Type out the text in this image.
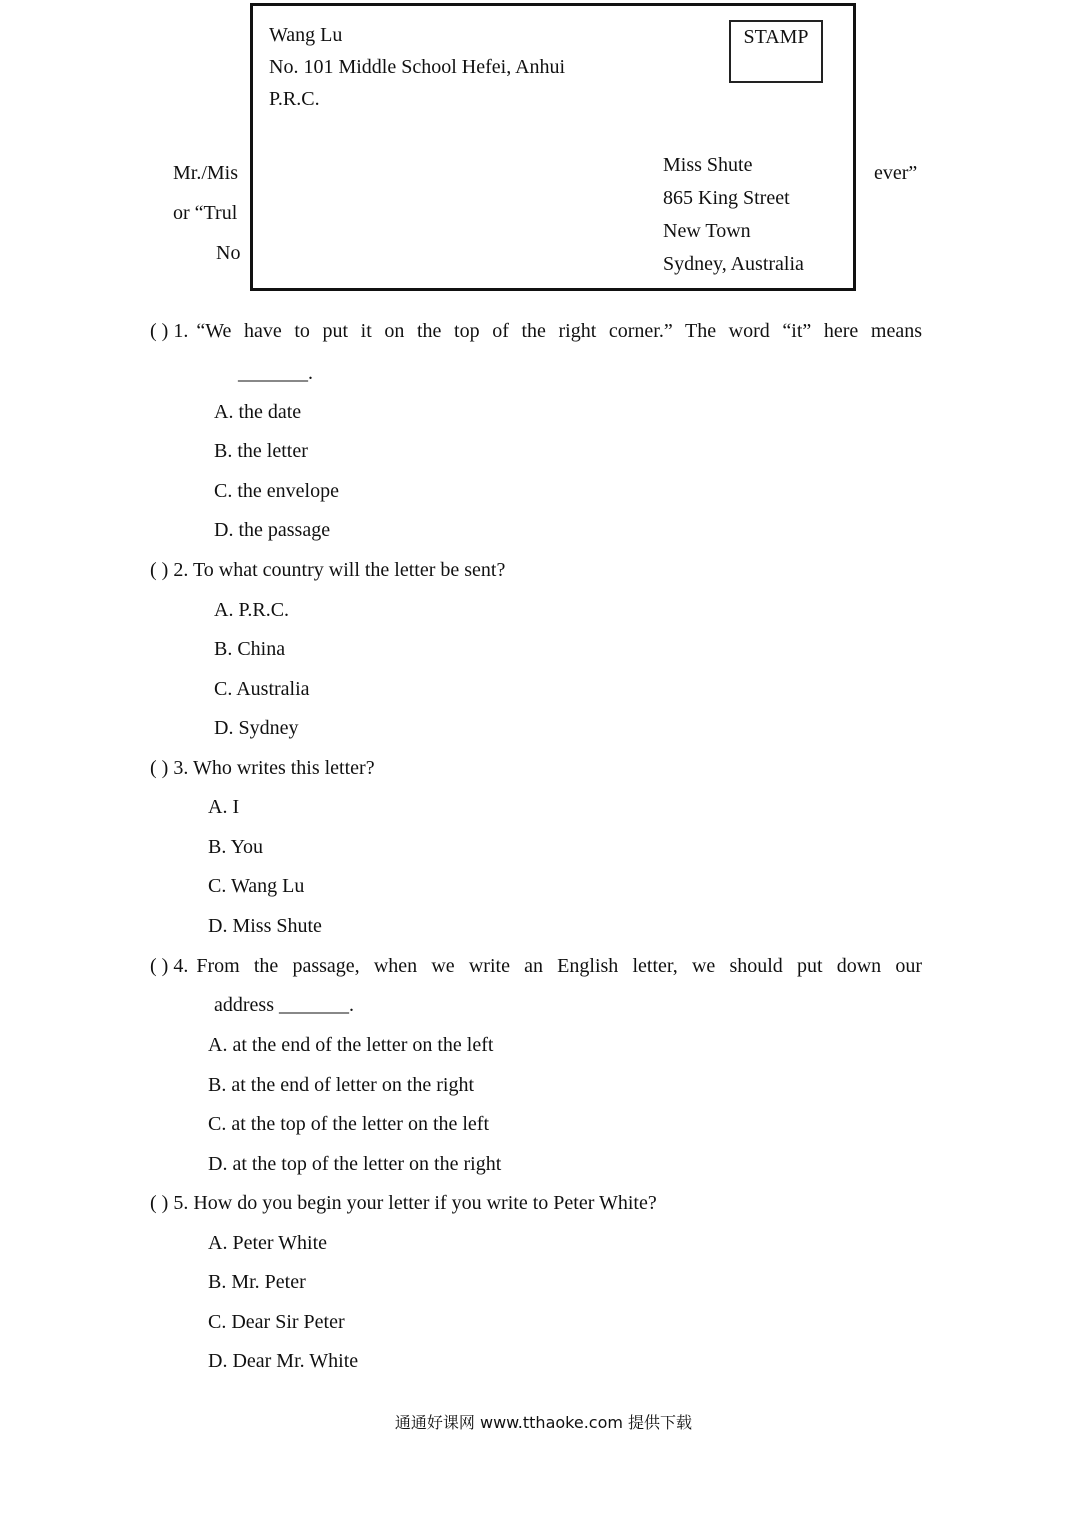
Mr./Mis
or “Trul
No
ever”
Wang Lu
No. 101 Middle School Hefei, Anhui
P.R.C.
STAMP
Miss Shute
865 King Street
New Town
Sydney, Australia
( ) 1. “We have to put it on the top of the right corner.” The word “it” here means
_______.
A. the date
B. the letter
C. the envelope
D. the passage
( ) 2. To what country will the letter be sent?
A. P.R.C.
B. China
C. Australia
D. Sydney
( ) 3. Who writes this letter?
A. I
B. You
C. Wang Lu
D. Miss Shute
( ) 4. From the passage, when we write an English letter, we should put down our
address _______.
A. at the end of the letter on the left
B. at the end of letter on the right
C. at the top of the letter on the left
D. at the top of the letter on the right
( ) 5. How do you begin your letter if you write to Peter White?
A. Peter White
B. Mr. Peter
C. Dear Sir Peter
D. Dear Mr. White
通通好课网 www.tthaoke.com 提供下载
